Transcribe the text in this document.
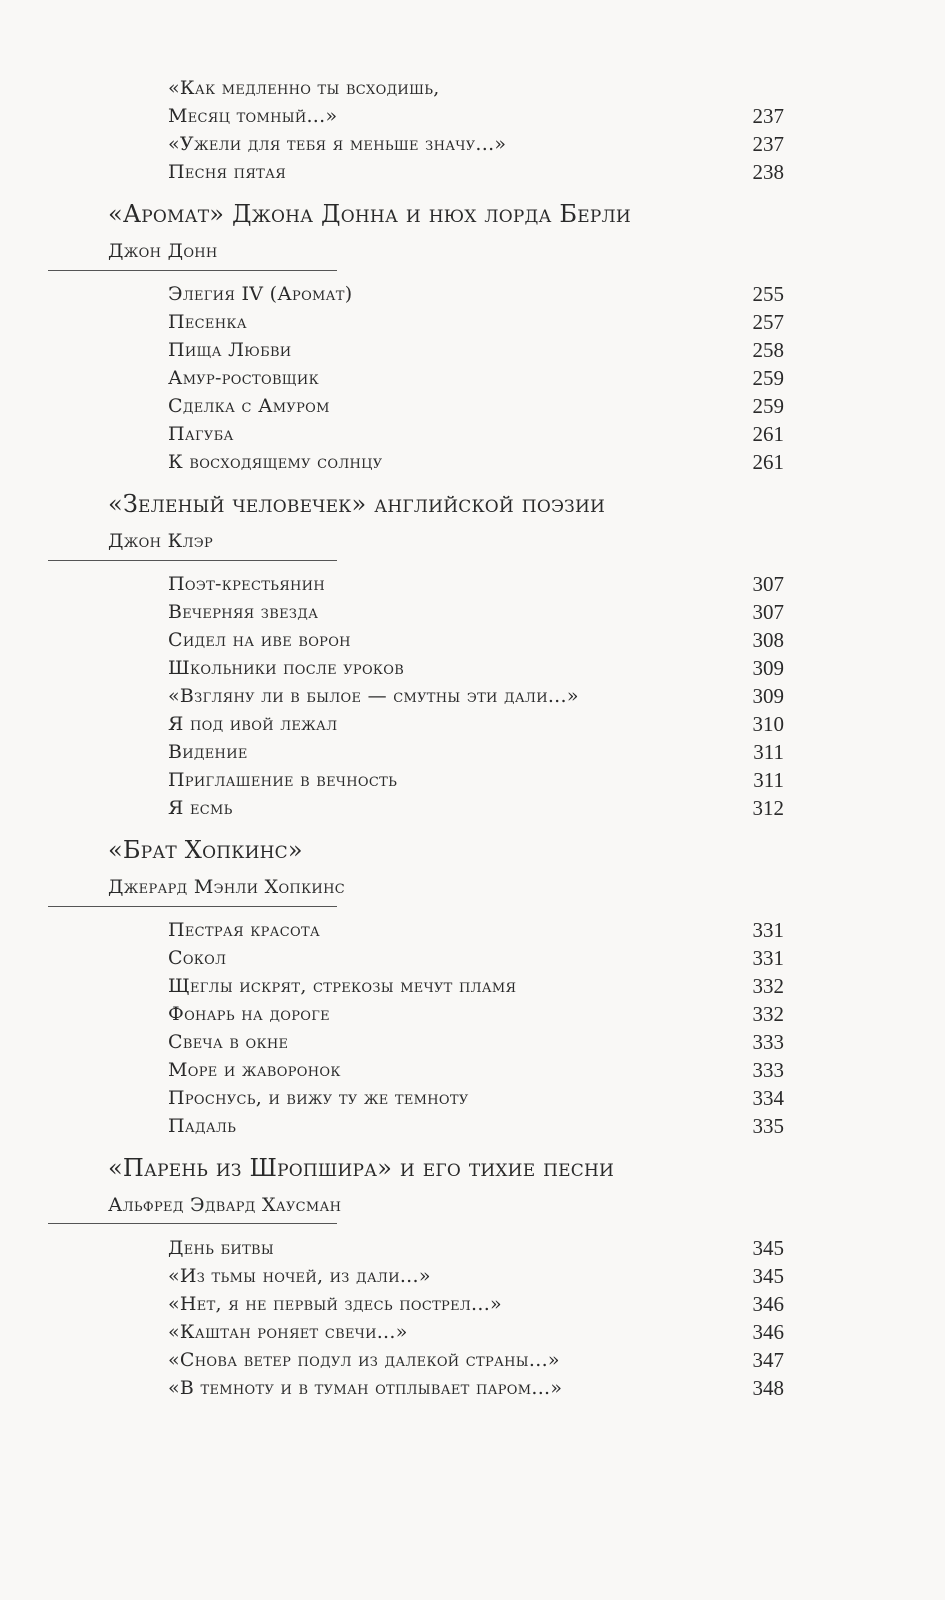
«Как медленно ты всходишь,
Месяц томный...»	237
«Ужели для тебя я меньше значу...»	237
Песня пятая	238
«Аромат» Джона Донна и нюх лорда Берли
Джон Донн
Элегия IV (Аромат)	255
Песенка	257
Пища Любви	258
Амур-ростовщик	259
Сделка с Амуром	259
Пагуба	261
К восходящему солнцу	261
«Зеленый человечек» английской поэзии
Джон Клэр
Поэт-крестьянин	307
Вечерняя звезда	307
Сидел на иве ворон	308
Школьники после уроков	309
«Взгляну ли в былое — смутны эти дали...»	309
Я под ивой лежал	310
Видение	311
Приглашение в вечность	311
Я есмь	312
«Брат Хопкинс»
Джерард Мэнли Хопкинс
Пестрая красота	331
Сокол	331
Щеглы искрят, стрекозы мечут пламя	332
Фонарь на дороге	332
Свеча в окне	333
Море и жаворонок	333
Проснусь, и вижу ту же темноту	334
Падаль	335
«Парень из Шропшира» и его тихие песни
Альфред Эдвард Хаусман
День битвы	345
«Из тьмы ночей, из дали...»	345
«Нет, я не первый здесь пострел...»	346
«Каштан роняет свечи...»	346
«Снова ветер подул из далекой страны...»	347
«В темноту и в туман отплывает паром...»	348
